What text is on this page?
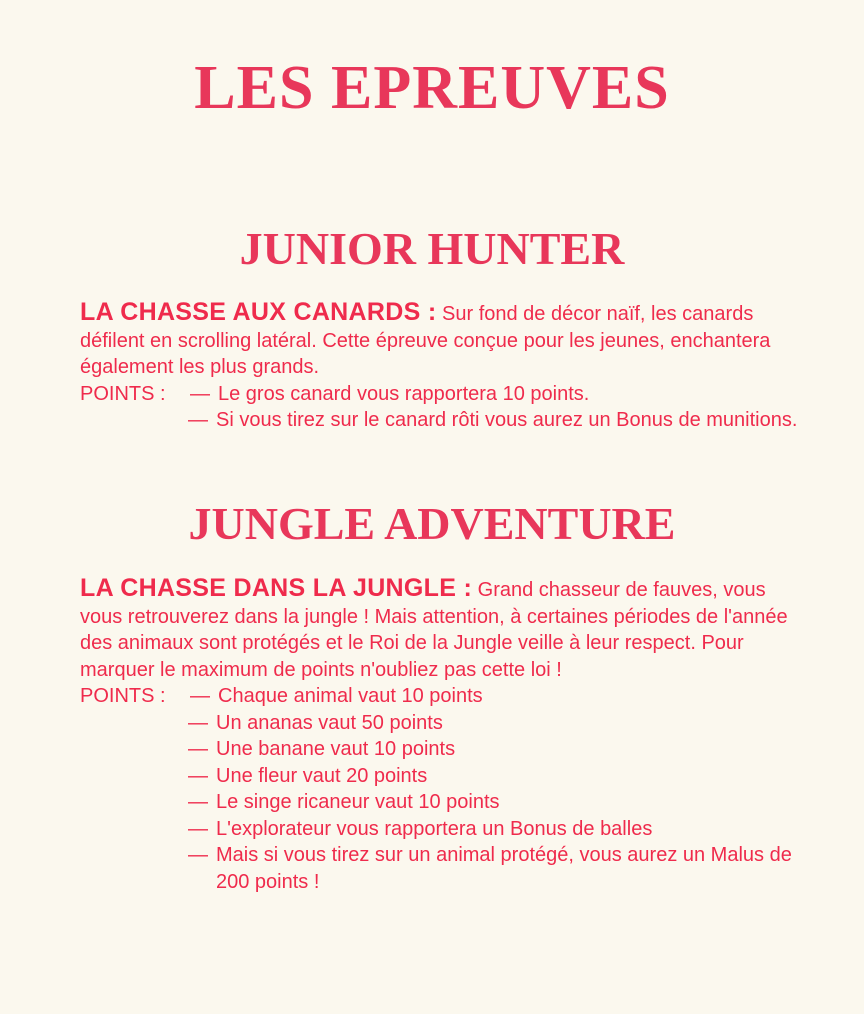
LES EPREUVES
JUNIOR HUNTER
LA CHASSE AUX CANARDS : Sur fond de décor naïf, les canards défilent en scrolling latéral. Cette épreuve conçue pour les jeunes, enchantera également les plus grands.
POINTS :	— Le gros canard vous rapportera 10 points.
— Si vous tirez sur le canard rôti vous aurez un Bonus de munitions.
JUNGLE ADVENTURE
LA CHASSE DANS LA JUNGLE : Grand chasseur de fauves, vous vous retrouverez dans la jungle ! Mais attention, à certaines périodes de l'année des animaux sont protégés et le Roi de la Jungle veille à leur respect. Pour marquer le maximum de points n'oubliez pas cette loi !
POINTS :	— Chaque animal vaut 10 points
— Un ananas vaut 50 points
— Une banane vaut 10 points
— Une fleur vaut 20 points
— Le singe ricaneur vaut 10 points
— L'explorateur vous rapportera un Bonus de balles
— Mais si vous tirez sur un animal protégé, vous aurez un Malus de 200 points !
